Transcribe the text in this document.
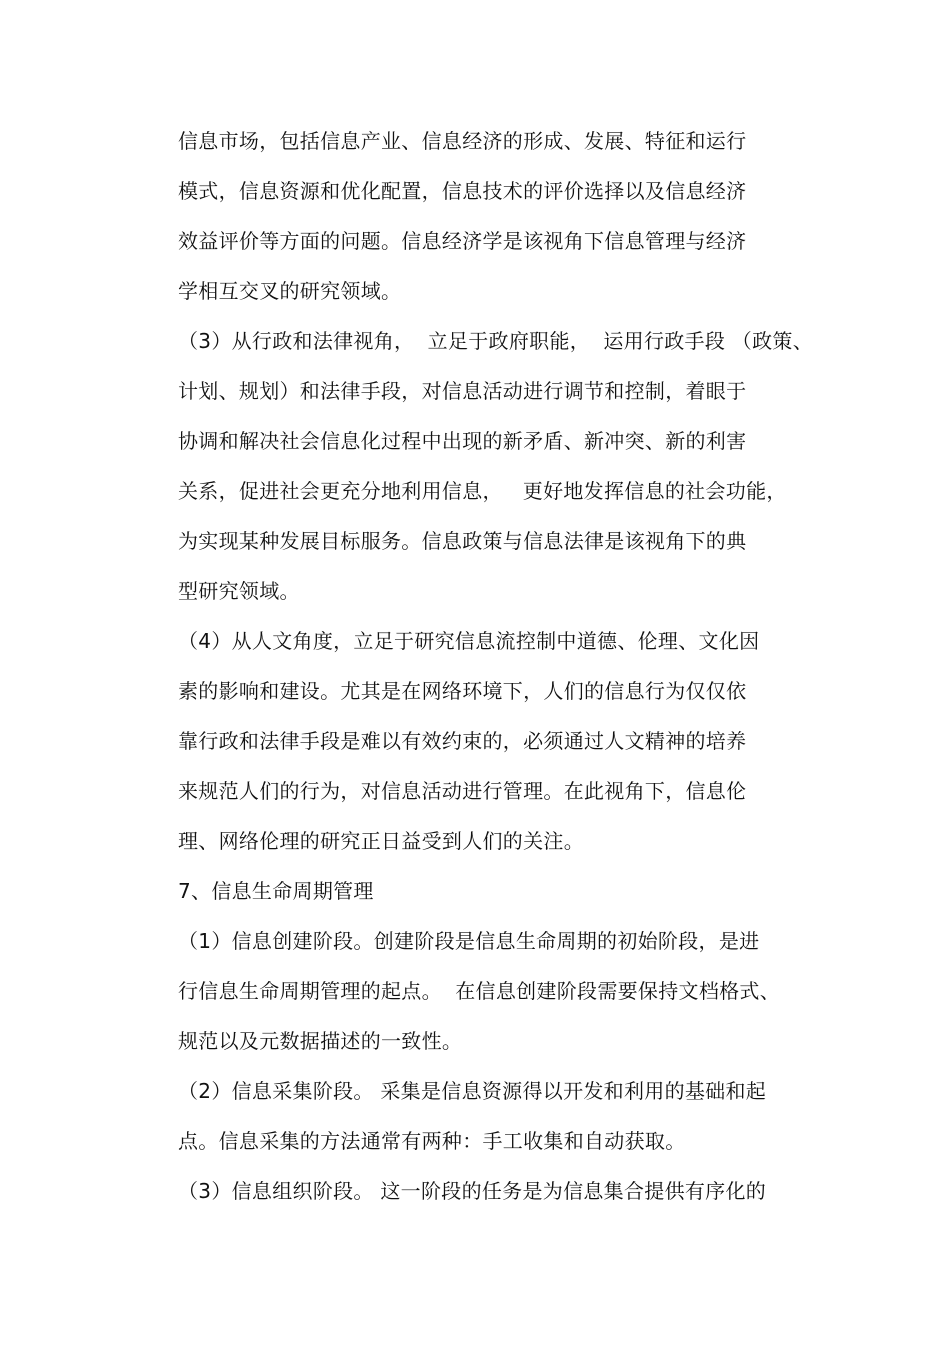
信息市场，包括信息产业、信息经济的形成、发展、特征和运行
模式，信息资源和优化配置，信息技术的评价选择以及信息经济
效益评价等方面的问题。信息经济学是该视角下信息管理与经济
学相互交叉的研究领域。
（3）从行政和法律视角，  立足于政府职能，  运用行政手段 （政策、
计划、规划）和法律手段，对信息活动进行调节和控制，着眼于
协调和解决社会信息化过程中出现的新矛盾、新冲突、新的利害
关系，促进社会更充分地利用信息，   更好地发挥信息的社会功能，
为实现某种发展目标服务。信息政策与信息法律是该视角下的典
型研究领域。
（4）从人文角度，立足于研究信息流控制中道德、伦理、文化因
素的影响和建设。尤其是在网络环境下，人们的信息行为仅仅依
靠行政和法律手段是难以有效约束的，必须通过人文精神的培养
来规范人们的行为，对信息活动进行管理。在此视角下，信息伦
理、网络伦理的研究正日益受到人们的关注。
7、信息生命周期管理
（1）信息创建阶段。创建阶段是信息生命周期的初始阶段，是进
行信息生命周期管理的起点。  在信息创建阶段需要保持文档格式、
规范以及元数据描述的一致性。
（2）信息采集阶段。 采集是信息资源得以开发和利用的基础和起
点。信息采集的方法通常有两种：手工收集和自动获取。
（3）信息组织阶段。 这一阶段的任务是为信息集合提供有序化的
